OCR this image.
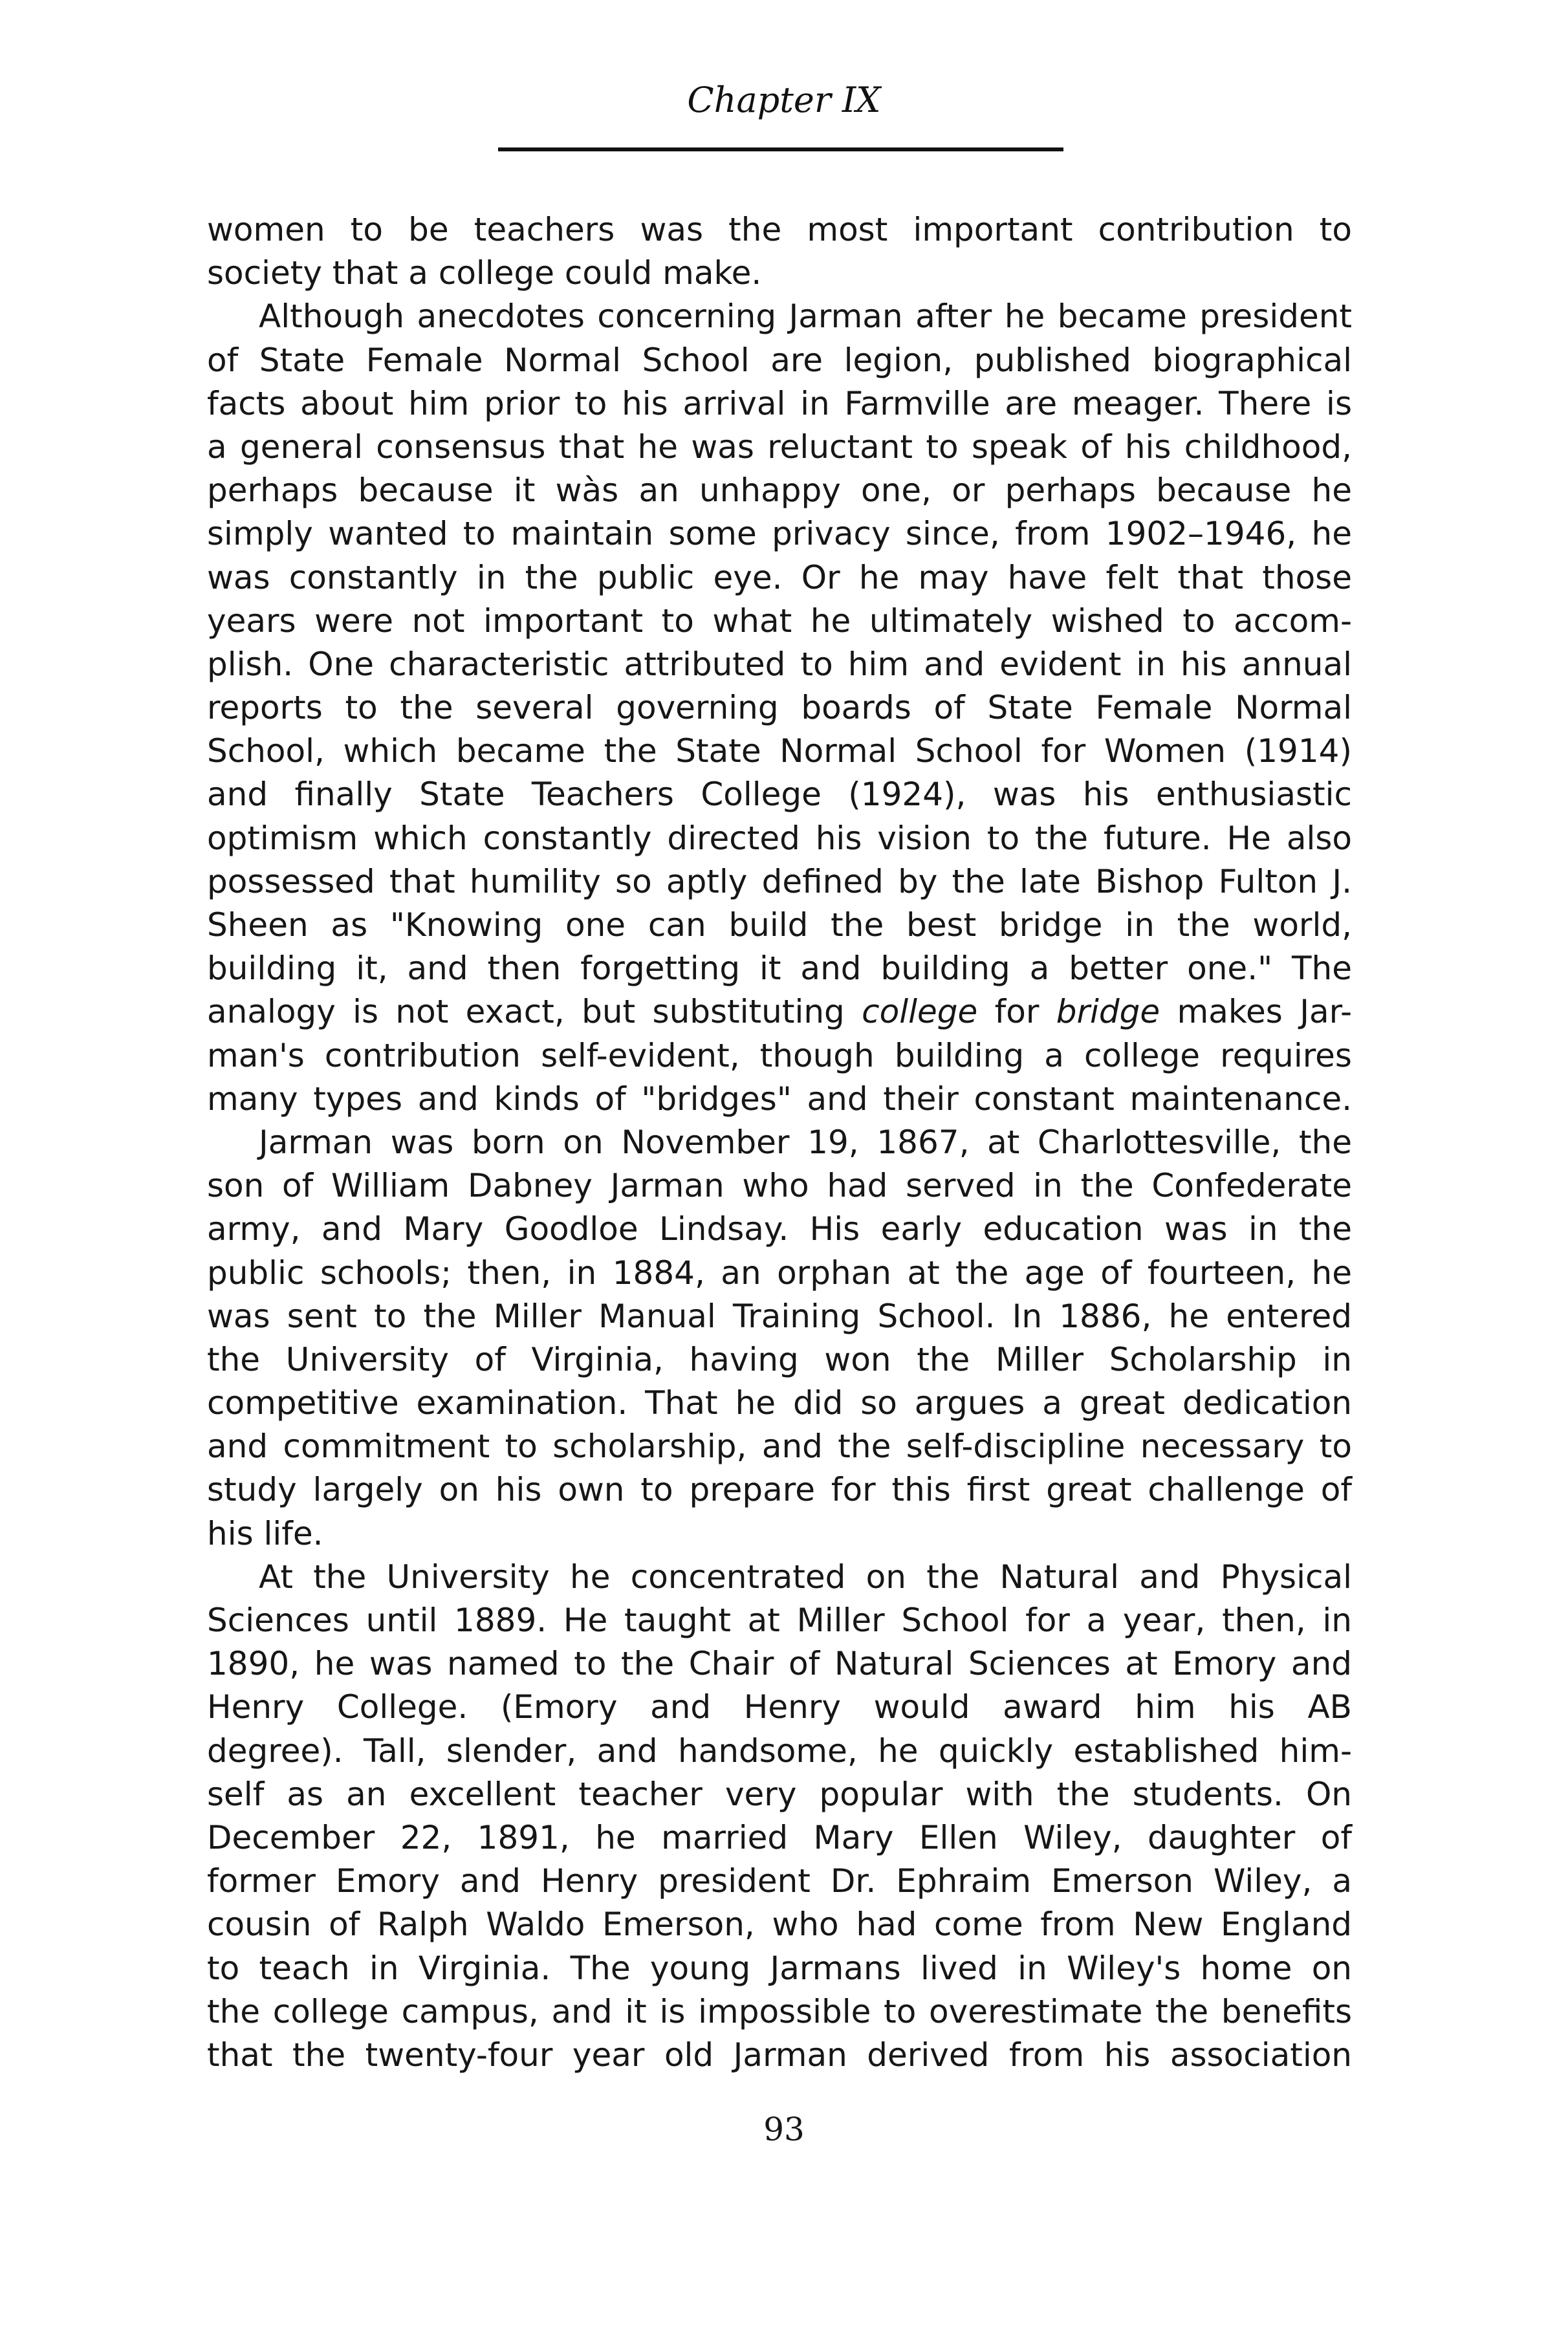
Chapter IX
women to be teachers was the most important contribution to
society that a college could make.
Although anecdotes concerning Jarman after he became president
of State Female Normal School are legion, published biographical
facts about him prior to his arrival in Farmville are meager. There is
a general consensus that he was reluctant to speak of his childhood,
perhaps because it wàs an unhappy one, or perhaps because he
simply wanted to maintain some privacy since, from 1902–1946, he
was constantly in the public eye. Or he may have felt that those
years were not important to what he ultimately wished to accom-
plish. One characteristic attributed to him and evident in his annual
reports to the several governing boards of State Female Normal
School, which became the State Normal School for Women (1914)
and finally State Teachers College (1924), was his enthusiastic
optimism which constantly directed his vision to the future. He also
possessed that humility so aptly defined by the late Bishop Fulton J.
Sheen as "Knowing one can build the best bridge in the world,
building it, and then forgetting it and building a better one." The
analogy is not exact, but substituting college for bridge makes Jar-
man's contribution self-evident, though building a college requires
many types and kinds of "bridges" and their constant maintenance.
Jarman was born on November 19, 1867, at Charlottesville, the
son of William Dabney Jarman who had served in the Confederate
army, and Mary Goodloe Lindsay. His early education was in the
public schools; then, in 1884, an orphan at the age of fourteen, he
was sent to the Miller Manual Training School. In 1886, he entered
the University of Virginia, having won the Miller Scholarship in
competitive examination. That he did so argues a great dedication
and commitment to scholarship, and the self-discipline necessary to
study largely on his own to prepare for this first great challenge of
his life.
At the University he concentrated on the Natural and Physical
Sciences until 1889. He taught at Miller School for a year, then, in
1890, he was named to the Chair of Natural Sciences at Emory and
Henry College. (Emory and Henry would award him his AB
degree). Tall, slender, and handsome, he quickly established him-
self as an excellent teacher very popular with the students. On
December 22, 1891, he married Mary Ellen Wiley, daughter of
former Emory and Henry president Dr. Ephraim Emerson Wiley, a
cousin of Ralph Waldo Emerson, who had come from New England
to teach in Virginia. The young Jarmans lived in Wiley's home on
the college campus, and it is impossible to overestimate the benefits
that the twenty-four year old Jarman derived from his association
93
